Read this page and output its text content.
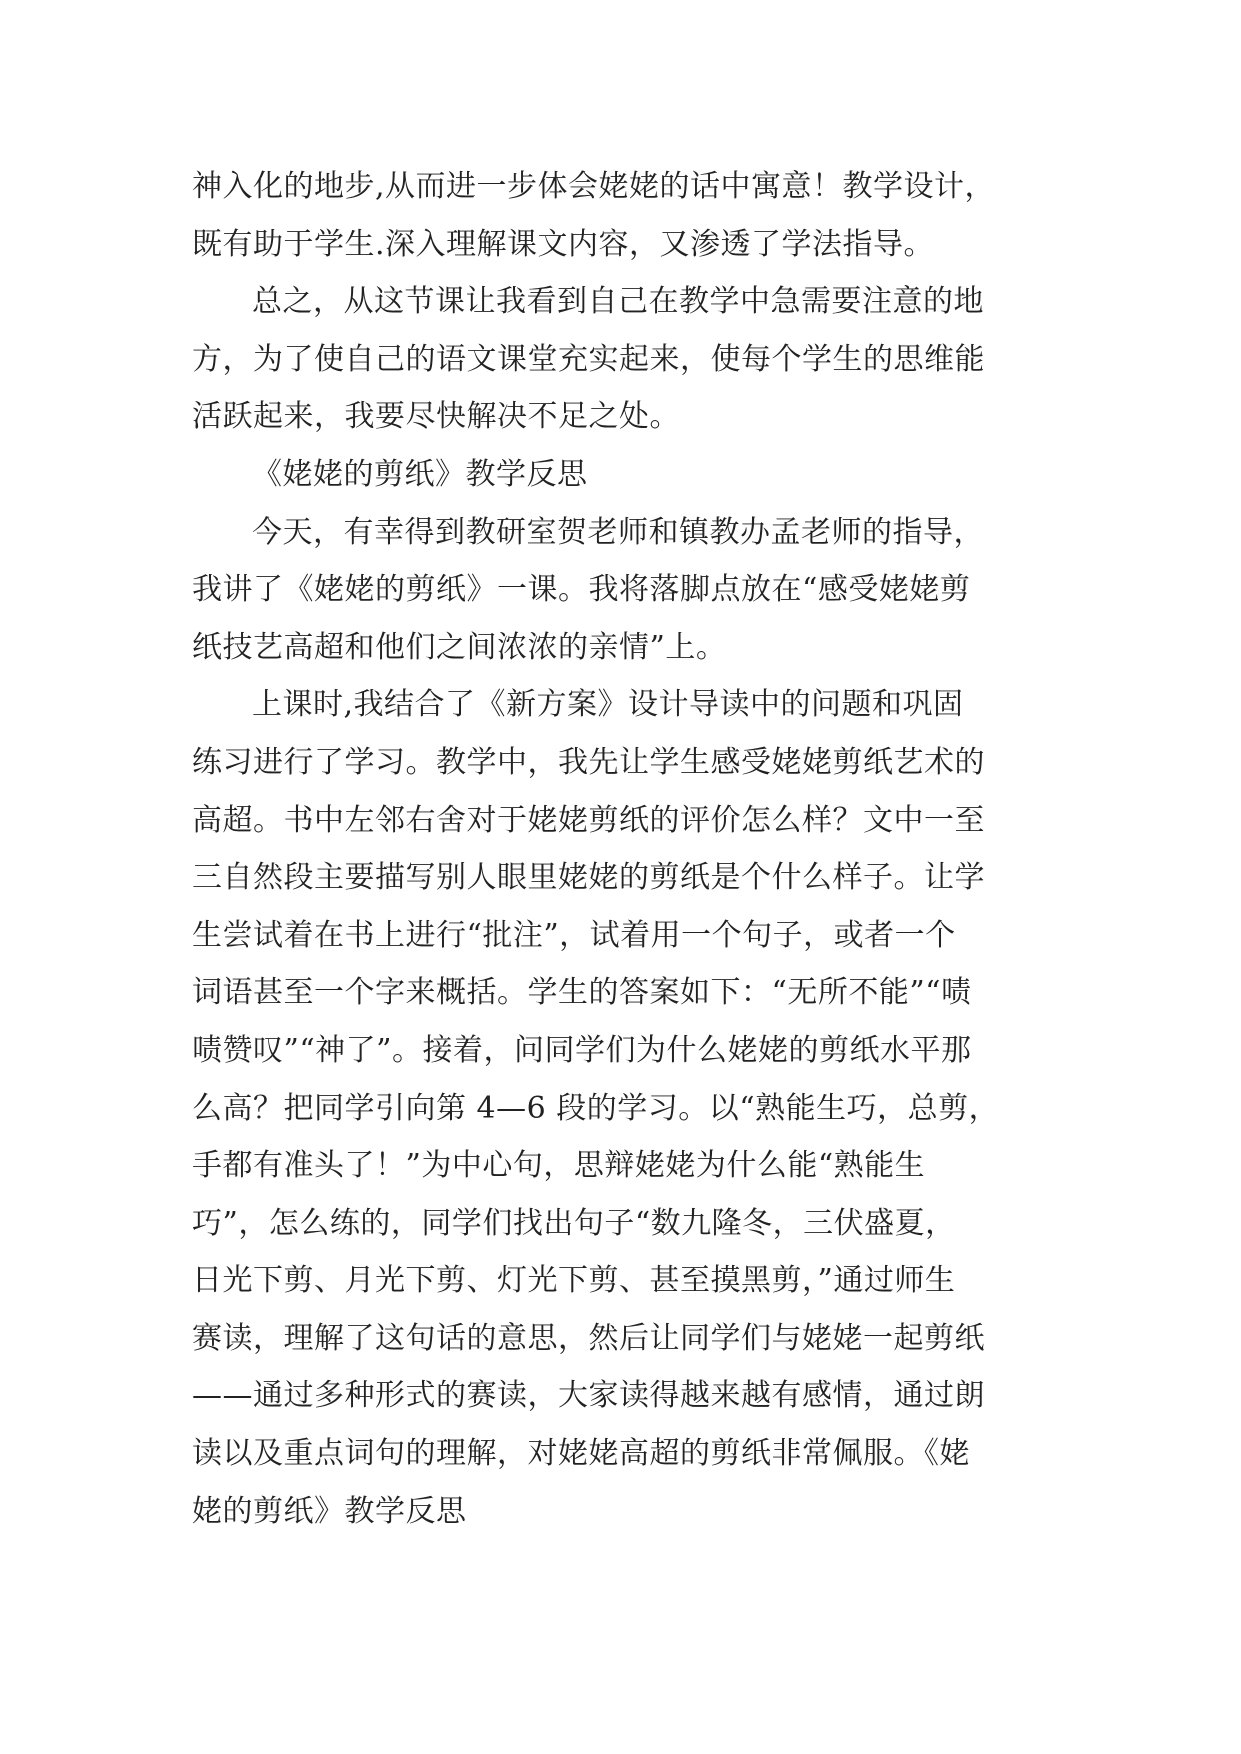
神入化的地步,从而进一步体会姥姥的话中寓意！教学设计，
既有助于学生.深入理解课文内容，又渗透了学法指导。
总之，从这节课让我看到自己在教学中急需要注意的地
方，为了使自己的语文课堂充实起来，使每个学生的思维能
活跃起来，我要尽快解决不足之处。
《姥姥的剪纸》教学反思
今天，有幸得到教研室贺老师和镇教办孟老师的指导，
我讲了《姥姥的剪纸》一课。我将落脚点放在“感受姥姥剪
纸技艺高超和他们之间浓浓的亲情”上。
上课时,我结合了《新方案》设计导读中的问题和巩固
练习进行了学习。教学中，我先让学生感受姥姥剪纸艺术的
高超。书中左邻右舍对于姥姥剪纸的评价怎么样？文中一至
三自然段主要描写别人眼里姥姥的剪纸是个什么样子。让学
生尝试着在书上进行“批注”，试着用一个句子，或者一个
词语甚至一个字来概括。学生的答案如下：“无所不能”“啧
啧赞叹”“神了”。接着，问同学们为什么姥姥的剪纸水平那
么高？把同学引向第 4—6 段的学习。以“熟能生巧，总剪，
手都有准头了！”为中心句，思辩姥姥为什么能“熟能生
巧”，怎么练的，同学们找出句子“数九隆冬，三伏盛夏，
日光下剪、月光下剪、灯光下剪、甚至摸黑剪，”通过师生
赛读，理解了这句话的意思，然后让同学们与姥姥一起剪纸
——通过多种形式的赛读，大家读得越来越有感情，通过朗
读以及重点词句的理解，对姥姥高超的剪纸非常佩服。《姥
姥的剪纸》教学反思
